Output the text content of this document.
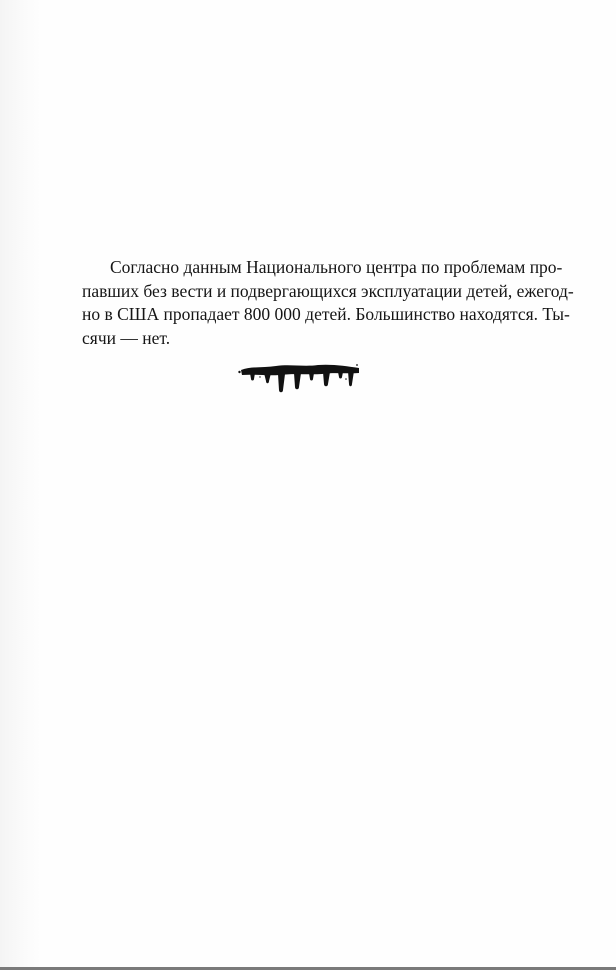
Согласно данным Национального центра по проблемам про-
павших без вести и подвергающихся эксплуатации детей, ежегод-
но в США пропадает 800 000 детей. Большинство находятся. Ты-
сячи — нет.
